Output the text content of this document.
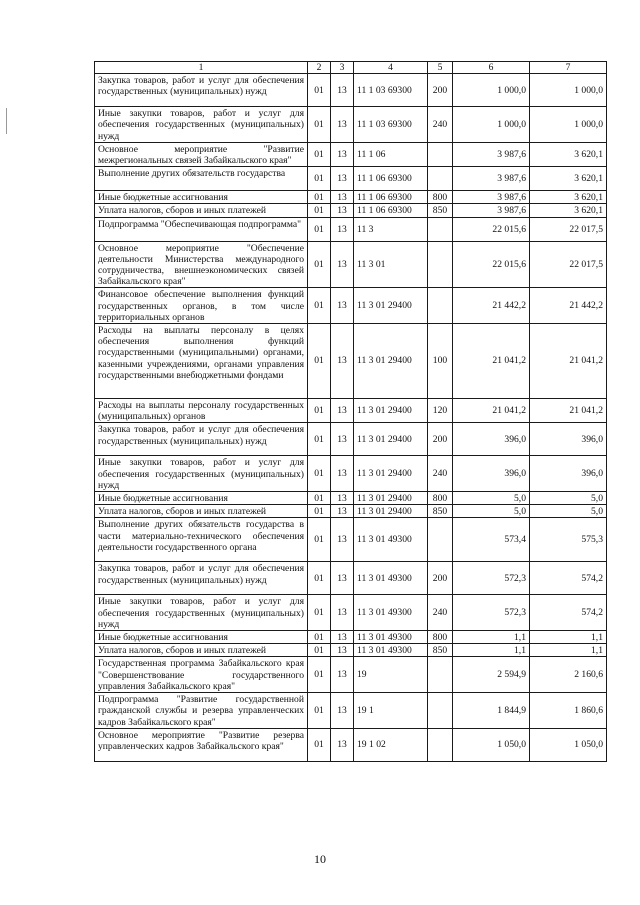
1	2	3	4	5	6	7
Закупка товаров, работ и услуг для обеспечения государственных (муниципальных) нужд	01	13	11 1 03 69300	200	1 000,0	1 000,0
Иные закупки товаров, работ и услуг для обеспечения государственных (муниципальных) нужд	01	13	11 1 03 69300	240	1 000,0	1 000,0
Основное мероприятие "Развитие межрегиональных связей Забайкальского края"	01	13	11 1 06		3 987,6	3 620,1
Выполнение других обязательств государства	01	13	11 1 06 69300		3 987,6	3 620,1
Иные бюджетные ассигнования	01	13	11 1 06 69300	800	3 987,6	3 620,1
Уплата налогов, сборов и иных платежей	01	13	11 1 06 69300	850	3 987,6	3 620,1
Подпрограмма "Обеспечивающая подпрограмма"	01	13	11 3		22 015,6	22 017,5
Основное мероприятие "Обеспечение деятельности Министерства международного сотрудничества, внешнеэкономических связей Забайкальского края"	01	13	11 3 01		22 015,6	22 017,5
Финансовое обеспечение выполнения функций государственных органов, в том числе территориальных органов	01	13	11 3 01 29400		21 442,2	21 442,2
Расходы на выплаты персоналу в целях обеспечения выполнения функций государственными (муниципальными) органами, казенными учреждениями, органами управления государственными внебюджетными фондами	01	13	11 3 01 29400	100	21 041,2	21 041,2
Расходы на выплаты персоналу государственных (муниципальных) органов	01	13	11 3 01 29400	120	21 041,2	21 041,2
Закупка товаров, работ и услуг для обеспечения государственных (муниципальных) нужд	01	13	11 3 01 29400	200	396,0	396,0
Иные закупки товаров, работ и услуг для обеспечения государственных (муниципальных) нужд	01	13	11 3 01 29400	240	396,0	396,0
Иные бюджетные ассигнования	01	13	11 3 01 29400	800	5,0	5,0
Уплата налогов, сборов и иных платежей	01	13	11 3 01 29400	850	5,0	5,0
Выполнение других обязательств государства в части материально-технического обеспечения деятельности государственного органа	01	13	11 3 01 49300		573,4	575,3
Закупка товаров, работ и услуг для обеспечения государственных (муниципальных) нужд	01	13	11 3 01 49300	200	572,3	574,2
Иные закупки товаров, работ и услуг для обеспечения государственных (муниципальных) нужд	01	13	11 3 01 49300	240	572,3	574,2
Иные бюджетные ассигнования	01	13	11 3 01 49300	800	1,1	1,1
Уплата налогов, сборов и иных платежей	01	13	11 3 01 49300	850	1,1	1,1
Государственная программа Забайкальского края "Совершенствование государственного управления Забайкальского края"	01	13	19		2 594,9	2 160,6
Подпрограмма "Развитие государственной гражданской службы и резерва управленческих кадров Забайкальского края"	01	13	19 1		1 844,9	1 860,6
Основное мероприятие "Развитие резерва управленческих кадров Забайкальского края"	01	13	19 1 02		1 050,0	1 050,0
10
